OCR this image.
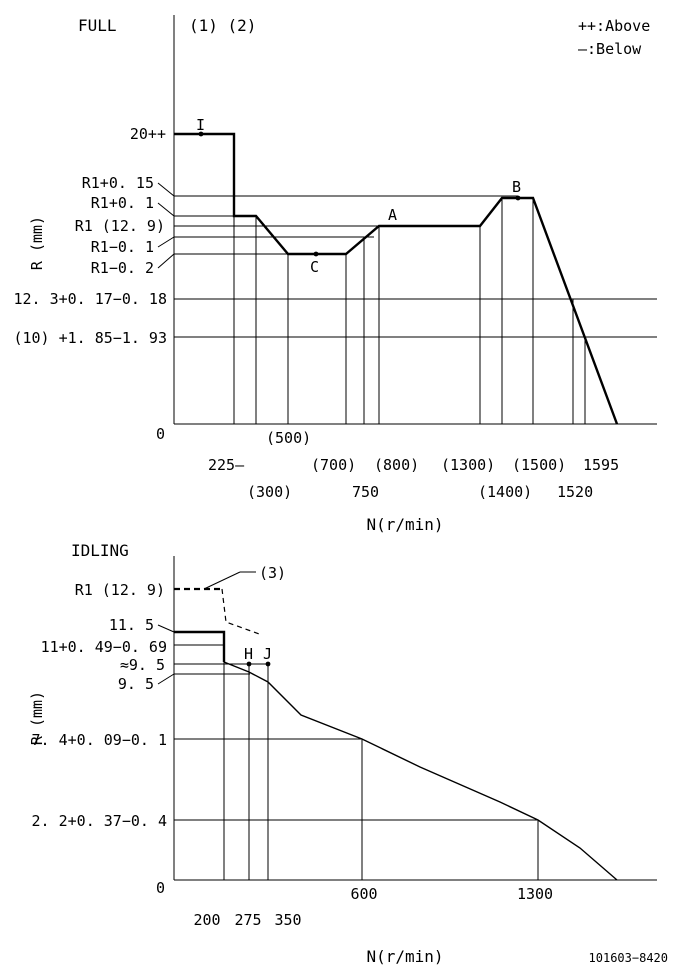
FULL	(1) (2)	++:Above
—:Below
R (mm)
I
C
A
B
20++
R1+0. 15
R1+0. 1
R1 (12. 9)
R1−0. 1
R1−0. 2
12. 3+0. 17−0. 18
(10) +1. 85−1. 93
0
225—
(300)
(500)
(700)
750
(800) (1300)
(1400)
(1500)
1520
1595
N(r/min)
IDLING
R (mm)
(3)
H J
R1 (12. 9)
11. 5
11+0. 49−0. 69
≈9. 5
9. 5
7. 4+0. 09−0. 1
2. 2+0. 37−0. 4
0
200 275 350
600	1300
N(r/min)	101603−8420
